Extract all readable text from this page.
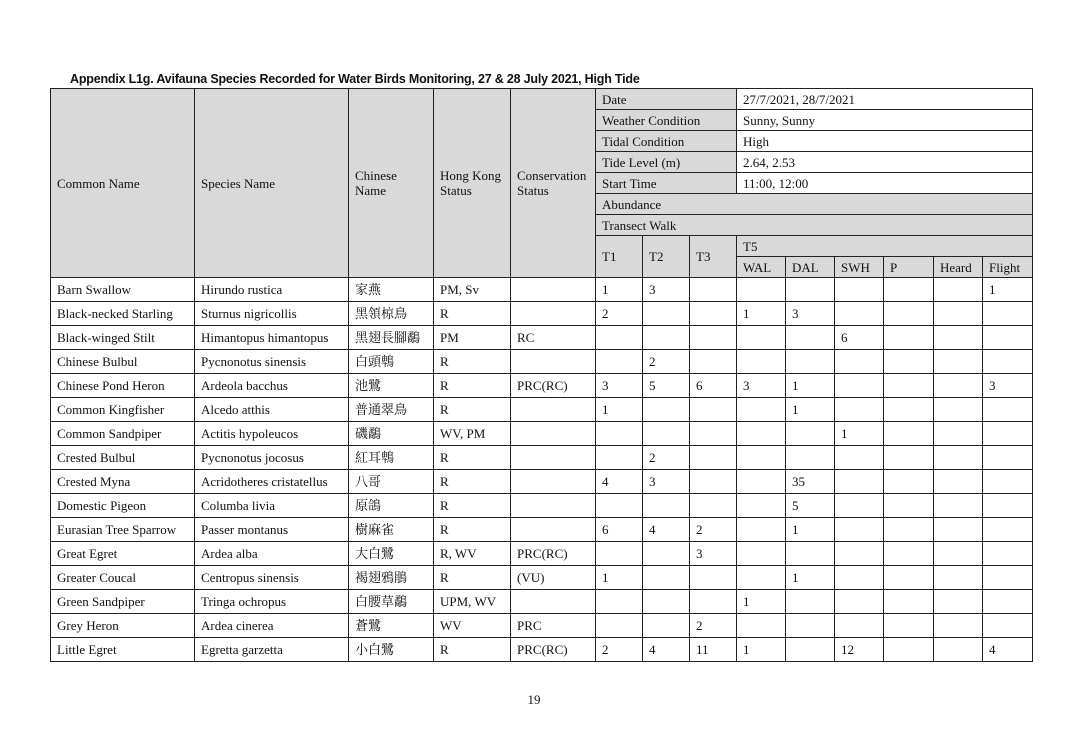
Appendix L1g. Avifauna Species Recorded for Water Birds Monitoring, 27 & 28 July 2021, High Tide
Common Name	Species Name	Chinese Name	Hong Kong Status	Conservation Status	Date			27/7/2021, 28/7/2021					
					Weather Condition			Sunny, Sunny					
					Tidal Condition			High					
					Tide Level (m)			2.64, 2.53					
					Start Time			11:00, 12:00					
					Abundance								
					Transect Walk								
					T1	T2	T3	T5					
								WAL	DAL	SWH	P	Heard	Flight
Barn Swallow	Hirundo rustica	家燕	PM, Sv		1	3							1
Black-necked Starling	Sturnus nigricollis	黑領椋鳥	R		2			1	3				
Black-winged Stilt	Himantopus himantopus	黑翅長腳鷸	PM	RC						6			
Chinese Bulbul	Pycnonotus sinensis	白頭鵯	R			2							
Chinese Pond Heron	Ardeola bacchus	池鷺	R	PRC(RC)	3	5	6	3	1				3
Common Kingfisher	Alcedo atthis	普通翠鳥	R		1				1				
Common Sandpiper	Actitis hypoleucos	磯鷸	WV, PM							1			
Crested Bulbul	Pycnonotus jocosus	紅耳鵯	R			2							
Crested Myna	Acridotheres cristatellus	八哥	R		4	3			35				
Domestic Pigeon	Columba livia	原鴿	R						5				
Eurasian Tree Sparrow	Passer montanus	樹麻雀	R		6	4	2		1				
Great Egret	Ardea alba	大白鷺	R, WV	PRC(RC)			3						
Greater Coucal	Centropus sinensis	褐翅鴉鵑	R	(VU)	1				1				
Green Sandpiper	Tringa ochropus	白腰草鷸	UPM, WV					1					
Grey Heron	Ardea cinerea	蒼鷺	WV	PRC			2						
Little Egret	Egretta garzetta	小白鷺	R	PRC(RC)	2	4	11	1		12			4
19
